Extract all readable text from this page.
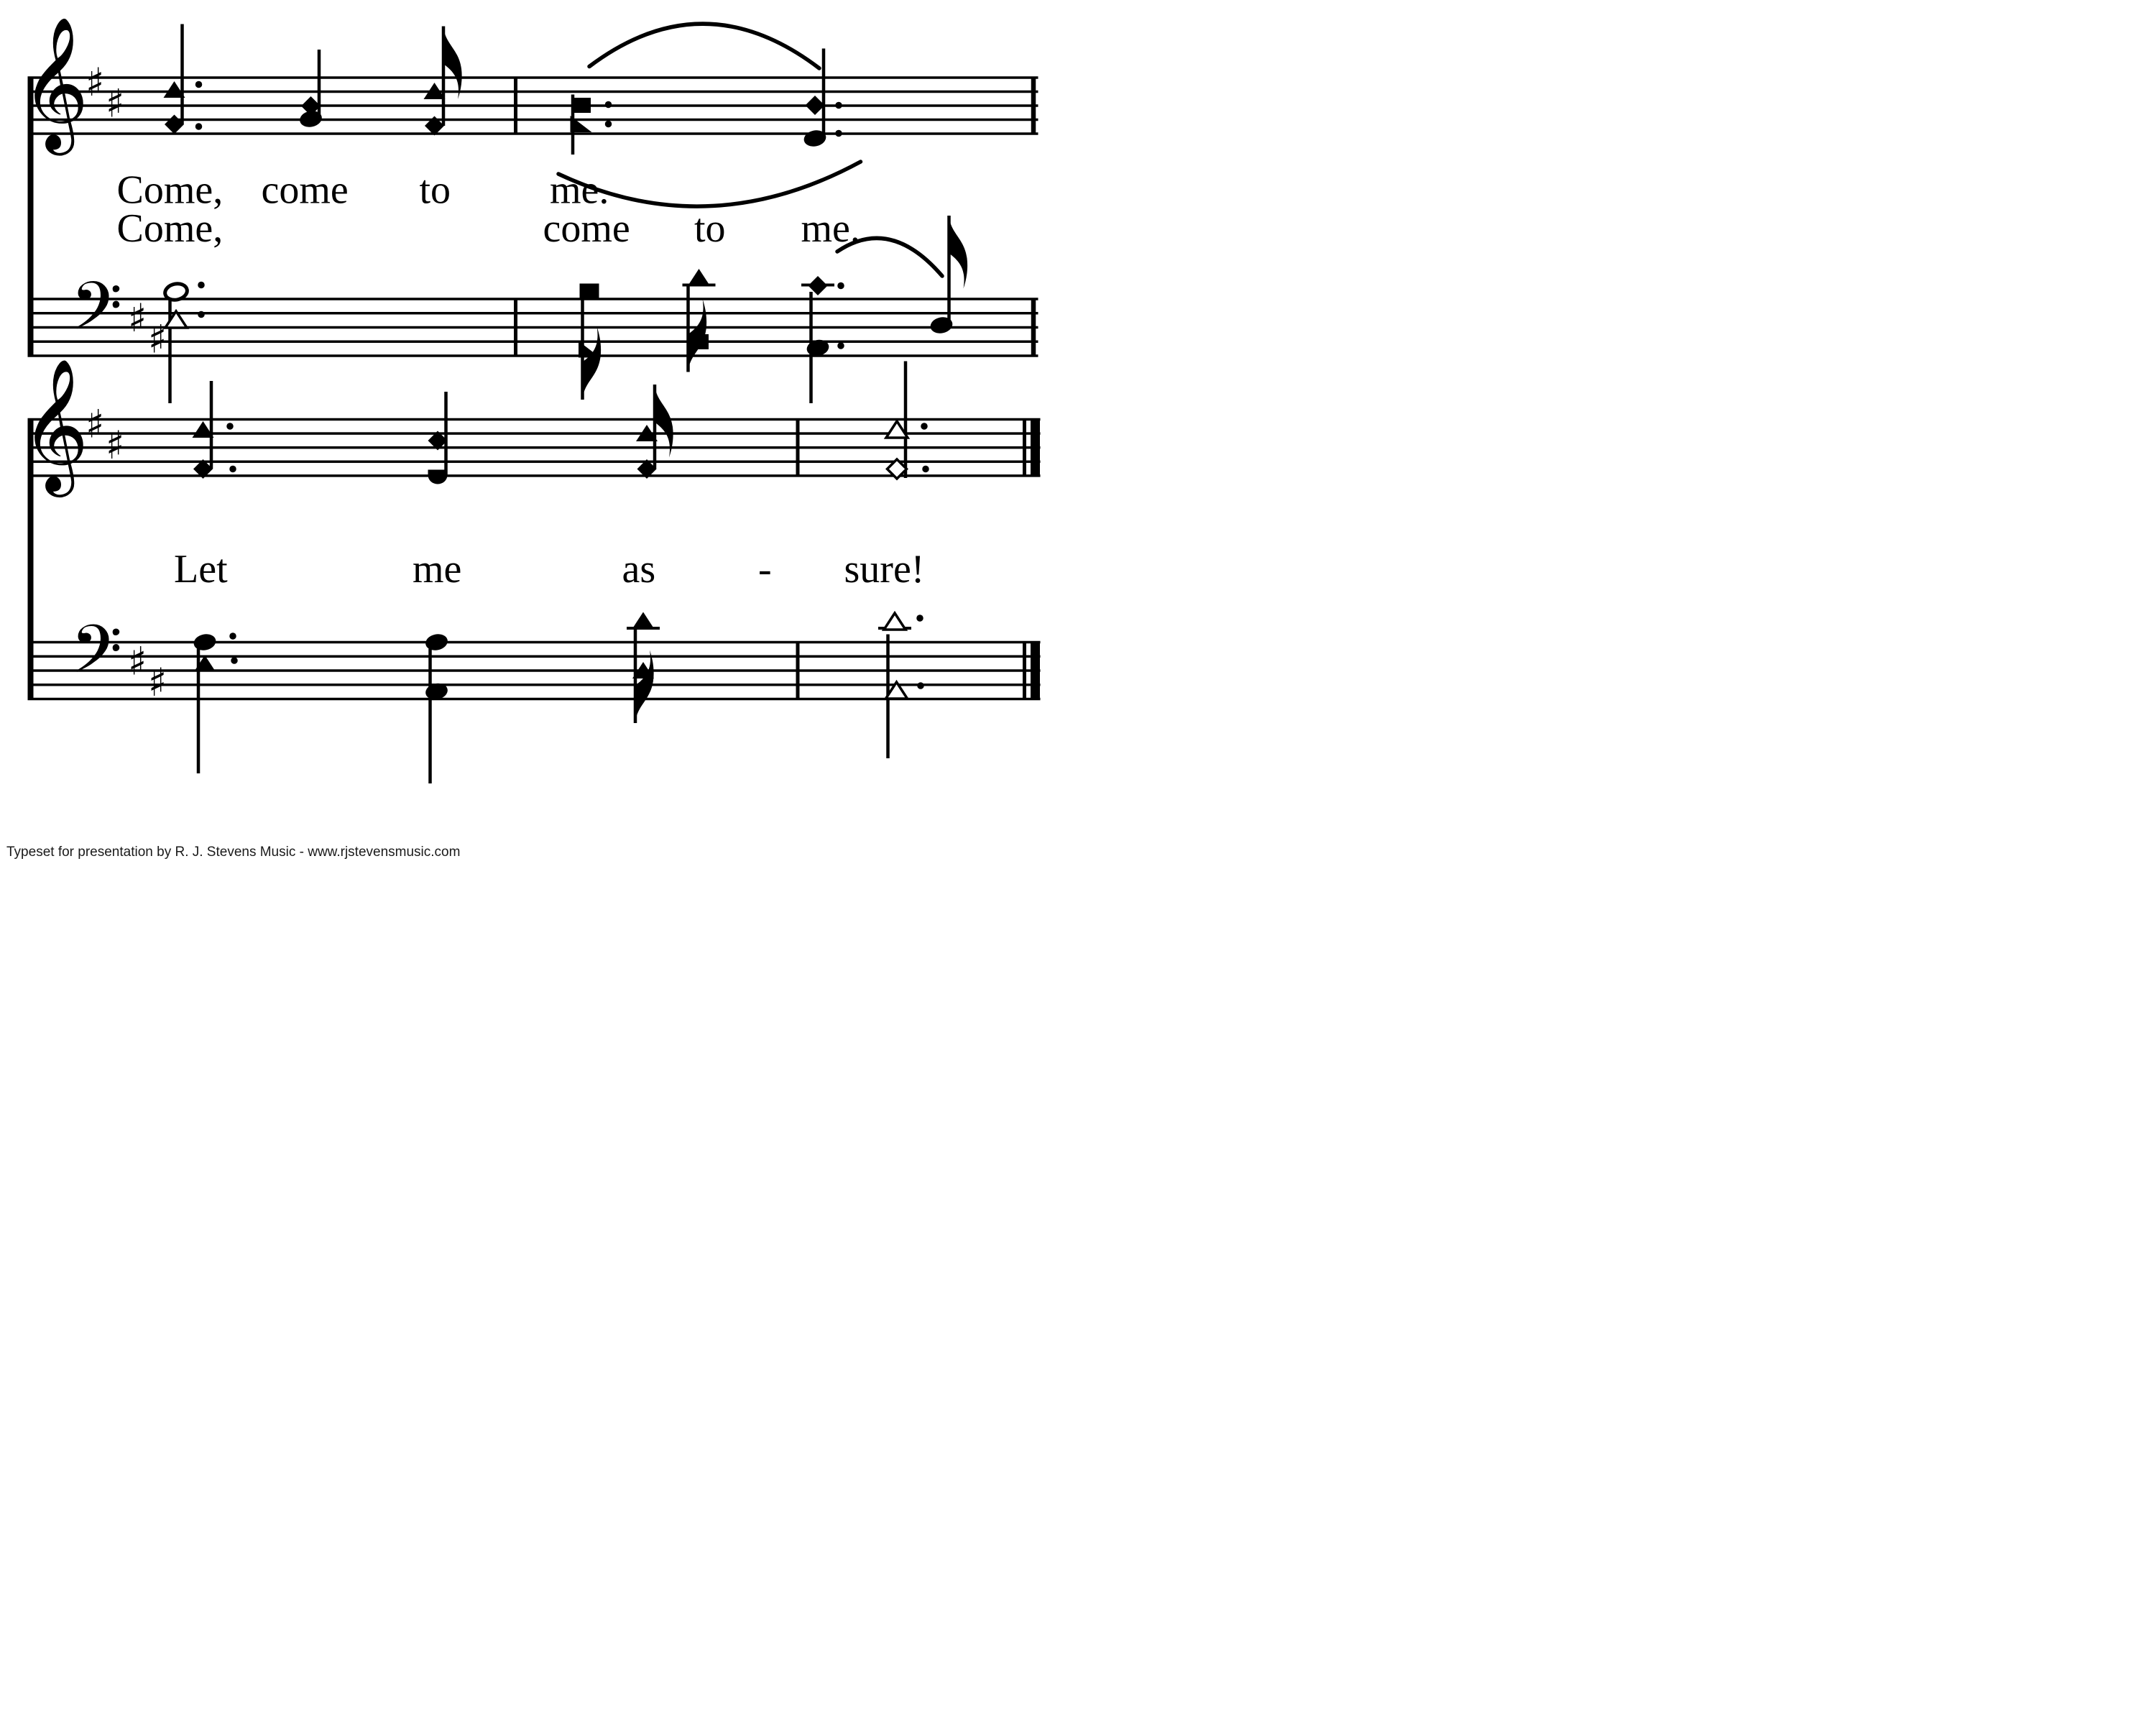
𝄞
♯ ♯
𝄢 ♯ ♯
𝄞
♯ ♯
𝄢 ♯ ♯
Come, come to me.
Come,	come to me.
Let me as - sure!
Typeset for presentation by R. J. Stevens Music - www.rjstevensmusic.com
